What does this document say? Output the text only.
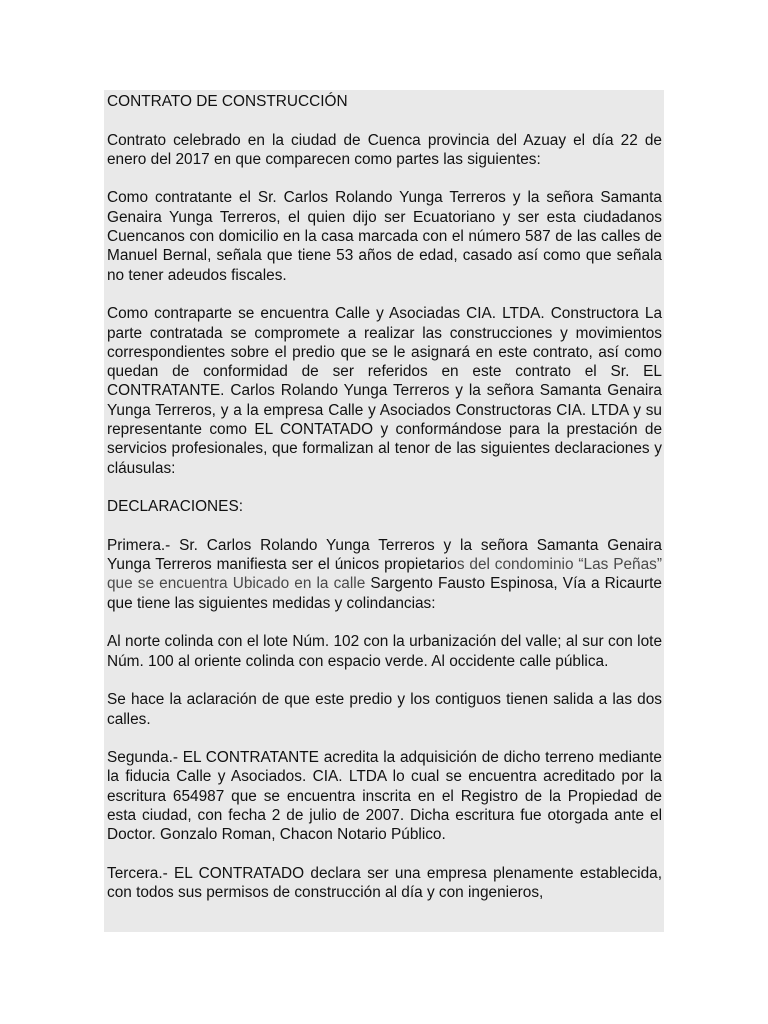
CONTRATO DE CONSTRUCCIÓN

Contrato celebrado en la ciudad de Cuenca provincia del Azuay el día 22 de enero del 2017 en que comparecen como partes las siguientes:

Como contratante el Sr. Carlos Rolando Yunga Terreros y la señora Samanta Genaira Yunga Terreros, el quien dijo ser Ecuatoriano y ser esta ciudadanos Cuencanos con domicilio en la casa marcada con el número 587 de las calles de Manuel Bernal, señala que tiene 53 años de edad, casado así como que señala no tener adeudos fiscales.

Como contraparte se encuentra Calle y Asociadas CIA. LTDA. Constructora La parte contratada se compromete a realizar las construcciones y movimientos correspondientes sobre el predio que se le asignará en este contrato, así como quedan de conformidad de ser referidos en este contrato el Sr. EL CONTRATANTE. Carlos Rolando Yunga Terreros y la señora Samanta Genaira Yunga Terreros, y a la empresa Calle y Asociados Constructoras CIA. LTDA y su representante como EL CONTATADO y conformándose para la prestación de servicios profesionales, que formalizan al tenor de las siguientes declaraciones y cláusulas:

DECLARACIONES:

Primera.- Sr. Carlos Rolando Yunga Terreros y la señora Samanta Genaira Yunga Terreros manifiesta ser el únicos propietarios del condominio “Las Peñas” que se encuentra Ubicado en la calle Sargento Fausto Espinosa, Vía a Ricaurte que tiene las siguientes medidas y colindancias:

Al norte colinda con el lote Núm. 102 con la urbanización del valle; al sur con lote Núm. 100 al oriente colinda con espacio verde. Al occidente calle pública.

Se hace la aclaración de que este predio y los contiguos tienen salida a las dos calles.

Segunda.- EL CONTRATANTE acredita la adquisición de dicho terreno mediante la fiducia Calle y Asociados. CIA. LTDA lo cual se encuentra acreditado por la escritura 654987 que se encuentra inscrita en el Registro de la Propiedad de esta ciudad, con fecha 2 de julio de 2007. Dicha escritura fue otorgada ante el Doctor. Gonzalo Roman, Chacon Notario Público.

Tercera.- EL CONTRATADO declara ser una empresa plenamente establecida, con todos sus permisos de construcción al día y con ingenieros,
